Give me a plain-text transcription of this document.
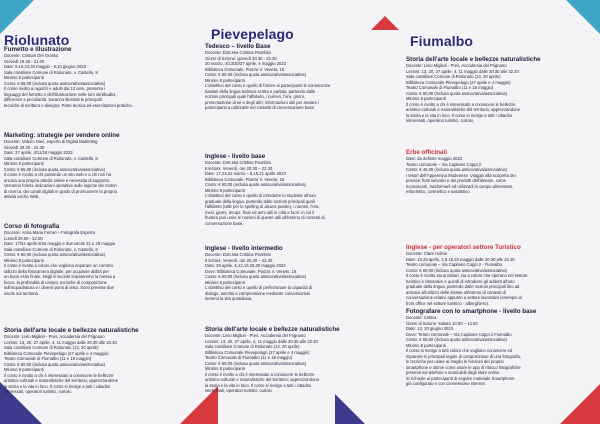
Riolunato
Fumetto e illustrazione
Docente: Cristian Del Grosso
Giovedì 19.30 - 21.00
Date: 9,16,23,30 maggio - 6,13 giugno 2023
Sala consiliare Comune di Riolunato, v. Castello, 8
Minimo 8 partecipanti
Costo: € 65,00 (inclusa quota assicurativa/associativa)
Il corso rivolto a ragazzi e adulti dai 12 anni, presenta i
linguaggi del fumetto e dell'illustrazione nelle loro similitudini,
differenze e peculiarità. Saranno illustrati le principali
tecniche di scrittura e disegno. Parte teorica ed esercitazioni pratiche.
Marketing: strategie per vendere online
Docente: Valerio Nieri, esperto di Digital Marketing
Giovedì 20.30 - 22.30
Date: 27 aprile, 4/11/18 maggio 2023
Sala consiliare Comune di Riolunato, v. Castello, 8
Minimo 8 partecipanti
Costo: € 65,00 (inclusa quota assicurativa/associativa)
Il corso è rivolto a chi possiede un sito web e a chi non ha
ancora una propria attività online e necessita di supporto.
Verranno fornite indicazioni operative sulle logiche dei motori
di ricerca, dei canali digitali in grado di promuovere la propria
attività anche Web.
Corso di fotografia
Docente: Anna Maria Ferrari – Fotografa Esperta
Lunedì 20.00 - 22.00
Date: 17/24 aprile 8/15 maggio e due uscite 21 e 29 maggio
Sala consiliare Comune di Riolunato, v. Castello, 8
Costo: € 60,00 (inclusa quota assicurativa/associativa)
Minimo 8 partecipanti
Il corso è rivolto a coloro che vogliono imparare un corretto
utilizzo della fotocamera digitale, per acquisire abilità per
un buon esito finale. Negli 8 incontri impareremo la messa a
fuoco, la profondità di campo, tecniche di composizione
sull'inquadratura e i diversi punti di vista. Sono previste due
uscite sul territorio.
Storia dell'arte locale e bellezze naturalistiche
Docente: Livio Migliori - Pres. Accademia del Frignano
Lezioni: 13, 20, 27 aprile, 4, 11 maggio dalle 20.30 alle 22.30
Sala consiliare Comune di Riolunato (13, 20 aprile)
Biblioteca Comunale Pievepelago (27 aprile e 4 maggio)
Teatro Comunale di Fiumalbo (11 e 18 maggio)
Costo: € 60,00 (inclusa quota assicurativa/associativa)
Minimo 8 partecipanti
Il corso è rivolto a chi è interessato a conoscere le bellezze
artistico-culturali e naturalistiche del territorio; apprezzandone
la storia e la vita in loco. Il corso si rivolge a tutti i cittadini
interessati, operatori turistici, curiosi.
Pievepelago
Tedesco – livello Base
Docente: Dott.ssa Cristina Piombini
Giorni di lezione: giovedì 20.30 - 22.30
30 marzo, 4/13/20/27 aprile, 4 maggio 2023
Biblioteca Comunale, Piazza V. Veneto, 18
Costo: € 60,00 (inclusa quota assicurativa/associativa)
Minimo 8 partecipanti
L'obiettivo del corso è quello di fornire ai partecipanti le conoscenze
basilari della lingua tedesca scritta e parlata, partendo dalle
nozioni principali quali l'alfabeto, i numeri, l'ora, giorni,
presentazione di sé e degli altri, informazioni utili per avviare i
partecipanti a utilizzarle nei contesti di conversazione base.
Inglese - livello base
Docente: Dott.ssa Cristina Piombini
6 lezioni: Venerdì, ore 20.30 – 22.30
Date: 17,24,31 marzo – 5,15,21 aprile 2023
Biblioteca Comunale, Piazza V. Veneto, 18
Costo: € 60,00 (inclusa quota assicurativa/associativa)
Minimo 8 partecipanti
L'obiettivo del corso è quello di introdurre lo studente all'uso
graduale della lingua, partendo dalle nozioni principali quali
l'alfabeto (utile per lo spelling di alcune parole), i numeri, l'ora,
mesi, giorni, tempo, frasi ed anni utili in città e fuori: in cui il
fruitore può unire le nozioni di queste utili all'interno di contesti di
conversazione base.
Inglese - livello intermedio
Docente: Dott.ssa Cristina Piombini
6 lezioni: Venerdì, ore 20.30 – 22.30
Date: 28 aprile, 5,12,19,26,30 maggio 2023
Dove: Biblioteca Comunale, Piazza V. Veneto, 18
Costo: € 60,00 (inclusa quota assicurativa/associativa)
Minimo 8 partecipanti
L'obiettivo del corso è quello di perfezionare la capacità di
dialogo, ascolto e comprensione mediante conversazioni
inerenti la vita quotidiana.
Storia dell'arte locale e bellezze naturalistiche
Docente: Livio Migliori - Pres. Accademia del Frignano
Lezioni: 13, 20, 27 aprile, 4, 11 maggio dalle 20.30 alle 22.30
Sala consiliare Comune di Riolunato (13, 20 aprile)
Biblioteca Comunale Pievepelago (27 aprile e 4 maggio)
Teatro Comunale di Fiumalbo (11 e 18 maggio)
Costo: € 60,00 (inclusa quota assicurativa/associativa)
Minimo 8 partecipanti
Il corso è rivolto a chi è interessato a conoscere le bellezze
artistico-culturali e naturalistiche del territorio; apprezzandone
la storia e la vita in loco. Il corso si rivolge a tutti i cittadini
interessati, operatori turistici, curiosi.
Fiumalbo
Storia dell'arte locale e bellezze naturalistiche
Docente: Livio Migliori - Pres. Accademia del Frignano
Lezioni: 13, 20, 27 aprile, 4, 11 maggio dalle 20.30 alle 22.30
Sala consiliare Comune di Riolunato (13, 20 aprile)
Biblioteca Comunale Pievepelago (27 aprile e 4 maggio)
Teatro Comunale di Fiumalbo (11 e 18 maggio)
Costo: € 60,00 (inclusa quota assicurativa/associativa)
Minimo 8 partecipanti
Il corso è rivolto a chi è interessato a conoscere le bellezze
artistico-culturali e naturalistiche del territorio; apprezzandone
la storia e la vita in loco. Il corso si rivolge a tutti i cittadini
interessati, operatori turistici, curiosi.
Erbe officinali
Date: da definire maggio 2023
Teatro comunale – Via Capitano Coppi 2
Costo: € 45,00 (inclusa quota assicurativa/associativa)
I tesori dell'Appennino Modenese. Viaggio alla scoperta dei
preziosi frutti selvatici e dei prodotti dell'alveare, come
riconoscerli, trasformarli ed utilizzarli in campo alimentare,
erboristico, cosmetico e salutistico.
Inglese - per operatori settore Turistico
Docente: Clare Holme
Date: 18,25 aprile, 2,9,16,23 maggio dalle 20.30 alle 22.30
Teatro comunale – Via Capitano Coppi 2 - Fiumalbo
Costo: € 60,00 (inclusa quota assicurativa/associativa)
Il corso è rivolto sia ai titolari, sia a coloro che operano nel settore
turistico e ristorativo e quindi di introdurre gli addetti all'uso
graduale della lingua, partendo dalle nozioni principali fino ad
arrivare all'utilizzo delle stesse all'interno di contesti di
conversazione relativi appunto a settore lavorativo (esempio al
front office nel settore turistico - alberghiero).
Fotografare con lo smartphone - livello base
Docente: CeBox
Giorni di lezione: sabato 10.00 – 14.00
Date: 13, 20 giugno 2023
Dove: Teatro comunale – Via Capitano Coppi 2 Fiumalbo
Costo: € 55,00 (inclusa quota assicurativa/associativa)
Minimo 8 partecipanti
Il corso si rivolge a tutti coloro che vogliono conoscere ed
imparare le principali regole di composizione di una fotografia,
le tecniche per usare al meglio le funzioni del proprio
smartphone e ottime come usare le app di ritocco fotografiche
presenti sul telefono e scaricabili dagli store online.
Si richiede ai partecipanti di seguire materiale Smartphone
già configurato e con connessione internet.
